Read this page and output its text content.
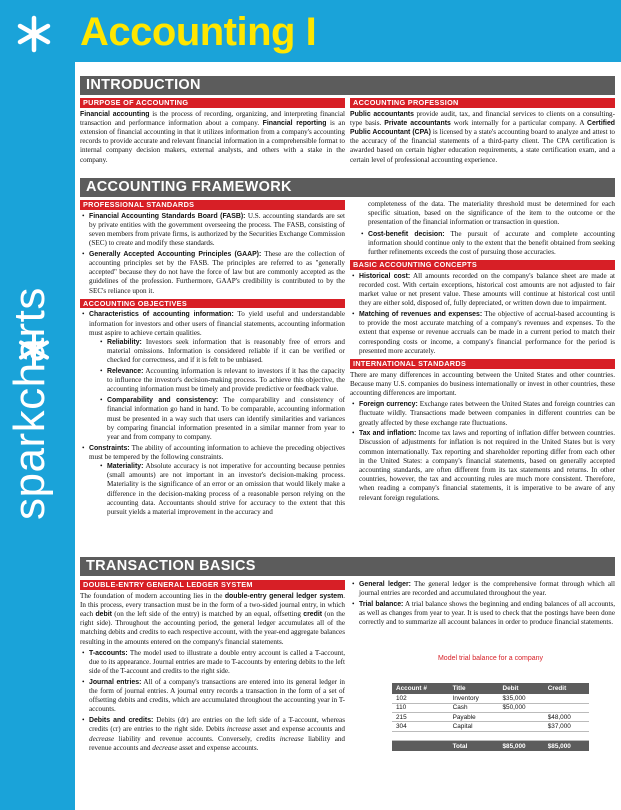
Accounting I
INTRODUCTION
PURPOSE OF ACCOUNTING

Financial accounting is the process of recording, organizing, and interpreting financial transaction and performance information about a company. Financial reporting is an extension of financial accounting in that it utilizes information from a company's accounting records to provide accurate and relevant financial information in a comprehensible format to internal company decision makers, external analysts, and others with a stake in the company.

ACCOUNTING PROFESSION

Public accountants provide audit, tax, and financial services to clients on a consulting-type basis. Private accountants work internally for a particular company. A Certified Public Accountant (CPA) is licensed by a state's accounting board to analyze and attest to the accuracy of the financial statements of a third-party client. The CPA certification is awarded based on certain higher education requirements, a state certification exam, and a certain level of professional accounting experience.

ACCOUNTING FRAMEWORK
PROFESSIONAL STANDARDS
• Financial Accounting Standards Board (FASB): U.S. accounting standards are set by private entities with the government overseeing the process. The FASB, consisting of seven members from private firms, is authorized by the Securities Exchange Commission (SEC) to create and modify these standards.
• Generally Accepted Accounting Principles (GAAP): These are the collection of accounting principles set by the FASB. The principles are referred to as "generally accepted" because they do not have the force of law but are commonly accepted as the guidelines of the profession. Furthermore, GAAP's credibility is contributed to by the SEC's reliance upon it.
ACCOUNTING OBJECTIVES
• Characteristics of accounting information: To yield useful and understandable information for investors and other users of financial statements, accounting information must aspire to achieve certain qualities.
• Reliability: Investors seek information that is reasonably free of errors and material omissions. Information is considered reliable if it can be verified or checked for correctness, and if it is felt to be unbiased.
• Relevance: Accounting information is relevant to investors if it has the capacity to influence the investor's decision-making process. To achieve this objective, the accounting information must be timely and provide predictive or feedback value.
• Comparability and consistency: The comparability and consistency of financial information go hand in hand. To be comparable, accounting information must be presented in a way such that users can identify similarities and variances by comparing financial information presented in a similar manner from year to year and from company to company.
• Constraints: The ability of accounting information to achieve the preceding objectives must be tempered by the following constraints.
• Materiality: Absolute accuracy is not imperative for accounting because pennies (small amounts) are not important in an investor's decision-making process. Materiality is the significance of an error or an omission that would likely make a difference in the decision-making process of a reasonable person relying on the accounting data. Accountants should strive for accuracy to the extent that this pursuit yields a material improvement in the accuracy and

completeness of the data. The materiality threshold must be determined for each specific situation, based on the significance of the item to the outcome or the presentation of the financial information or transaction in question.

• Cost-benefit decision: The pursuit of accurate and complete accounting information should continue only to the extent that the benefit obtained from seeking further refinements exceeds the cost of pursuing those accuracies.
BASIC ACCOUNTING CONCEPTS
• Historical cost: All amounts recorded on the company's balance sheet are made at recorded cost. With certain exceptions, historical cost amounts are not adjusted to fair market value or net present value. These amounts will continue at historical cost until they are either sold, disposed of, fully depreciated, or written down due to impairment.
• Matching of revenues and expenses: The objective of accrual-based accounting is to provide the most accurate matching of a company's revenues and expenses. To the extent that expense or revenue accruals can be made in a current period to match their corresponding costs or income, a company's financial performance for the period is presented more accurately.
INTERNATIONAL STANDARDS

There are many differences in accounting between the United States and other countries. Because many U.S. companies do business internationally or invest in other countries, these accounting differences are important.

• Foreign currency: Exchange rates between the United States and foreign countries can fluctuate wildly. Transactions made between companies in different countries can be greatly affected by these exchange rate fluctuations.
• Tax and inflation: Income tax laws and reporting of inflation differ between countries. Discussion of adjustments for inflation is not required in the United States but is very common internationally. Tax reporting and shareholder reporting differ from each other in the United States: a company's financial statements, based on generally accepted accounting standards, are often different from its tax statements and returns. In other countries, however, the tax and accounting rules are much more consistent. Therefore, when reading a company's financial statements, it is imperative to be aware of any relevant foreign regulations.
TRANSACTION BASICS
DOUBLE-ENTRY GENERAL LEDGER SYSTEM

The foundation of modern accounting lies in the double-entry general ledger system. In this process, every transaction must be in the form of a two-sided journal entry, in which each debit (on the left side of the entry) is matched by an equal, offsetting credit (on the right side). Throughout the accounting period, the general ledger accumulates all of the matching debits and credits to each respective account, with the year-end aggregate balances resulting in the amounts entered on the company's financial statements.

• T-accounts: The model used to illustrate a double entry account is called a T-account, due to its appearance. Journal entries are made to T-accounts by entering debits to the left side of the T-account and credits to the right side.
• Journal entries: All of a company's transactions are entered into its general ledger in the form of journal entries. A journal entry records a transaction in the form of a set of offsetting debits and credits, which are accumulated throughout the accounting year in T-accounts.
• Debits and credits: Debits (dr) are entries on the left side of a T-account, whereas credits (cr) are entries to the right side. Debits increase asset and expense accounts and decrease liability and revenue accounts. Conversely, credits increase liability and revenue accounts and decrease asset and expense accounts.
• General ledger: The general ledger is the comprehensive format through which all journal entries are recorded and accumulated throughout the year.
• Trial balance: A trial balance shows the beginning and ending balances of all accounts, as well as changes from year to year. It is used to check that the postings have been done correctly and to summarize all account balances in order to produce financial statements.
Model trial balance for a company
Account #	Title	Debit	Credit
102	Inventory	$35,000	
110	Cash	$50,000	
215	Payable		$48,000
304	Capital		$37,000

	Total	$85,000	$85,000
